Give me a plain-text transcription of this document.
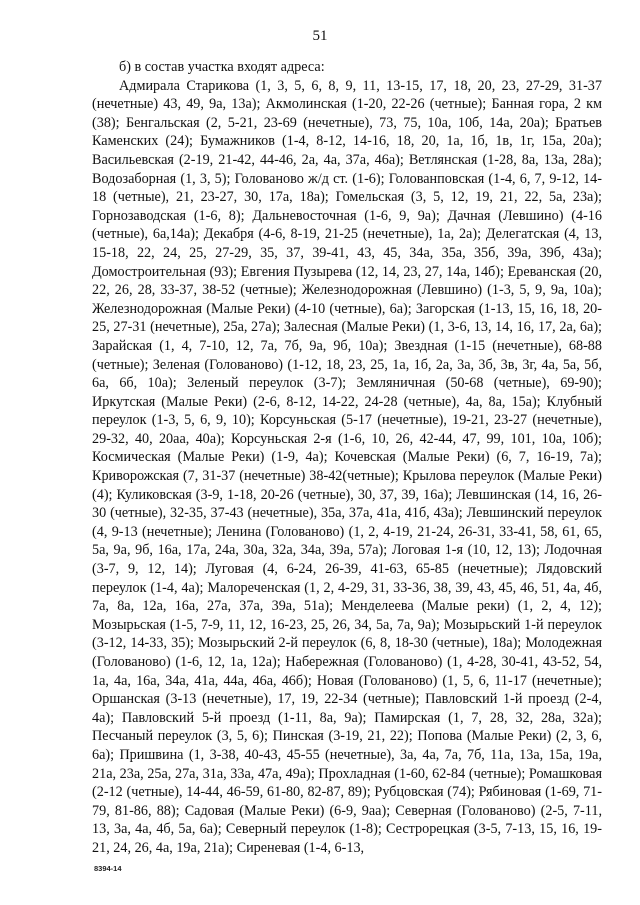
51

б) в состав участка входят адреса:

Адмирала Старикова (1, 3, 5, 6, 8, 9, 11, 13-15, 17, 18, 20, 23, 27-29, 31-37 (нечетные) 43, 49, 9а, 13а); Акмолинская (1-20, 22-26 (четные); Банная гора, 2 км (38); Бенгальская (2, 5-21, 23-69 (нечетные), 73, 75, 10а, 10б, 14а, 20а); Братьев Каменских (24); Бумажников (1-4, 8-12, 14-16, 18, 20, 1а, 1б, 1в, 1г, 15а, 20а); Васильевская (2-19, 21-42, 44-46, 2а, 4а, 37а, 46а); Ветлянская (1-28, 8а, 13а, 28а); Водозаборная (1, 3, 5); Голованово ж/д ст. (1-6); Голованповская (1-4, 6, 7, 9-12, 14-18 (четные), 21, 23-27, 30, 17а, 18а); Гомельская (3, 5, 12, 19, 21, 22, 5а, 23а); Горнозаводская (1-6, 8); Дальневосточная (1-6, 9, 9а); Дачная (Левшино) (4-16 (четные), 6а,14а); Декабря (4-6, 8-19, 21-25 (нечетные), 1а, 2а); Делегатская (4, 13, 15-18, 22, 24, 25, 27-29, 35, 37, 39-41, 43, 45, 34а, 35а, 35б, 39а, 39б, 43а); Домостроительная (93); Евгения Пузырева (12, 14, 23, 27, 14а, 14б); Ереванская (20, 22, 26, 28, 33-37, 38-52 (четные); Железнодорожная (Левшино) (1-3, 5, 9, 9а, 10а); Железнодорожная (Малые Реки) (4-10 (четные), 6а); Загорская (1-13, 15, 16, 18, 20-25, 27-31 (нечетные), 25а, 27а); Залесная (Малые Реки) (1, 3-6, 13, 14, 16, 17, 2а, 6а); Зарайская (1, 4, 7-10, 12, 7а, 7б, 9а, 9б, 10а); Звездная (1-15 (нечетные), 68-88 (четные); Зеленая (Голованово) (1-12, 18, 23, 25, 1а, 1б, 2а, 3а, 3б, 3в, 3г, 4а, 5а, 5б, 6а, 6б, 10а); Зеленый переулок (3-7); Земляничная (50-68 (четные), 69-90); Иркутская (Малые Реки) (2-6, 8-12, 14-22, 24-28 (четные), 4а, 8а, 15а); Клубный переулок (1-3, 5, 6, 9, 10); Корсуньская (5-17 (нечетные), 19-21, 23-27 (нечетные), 29-32, 40, 20аа, 40а); Корсуньская 2-я (1-6, 10, 26, 42-44, 47, 99, 101, 10а, 10б); Космическая (Малые Реки) (1-9, 4а); Кочевская (Малые Реки) (6, 7, 16-19, 7а); Криворожская (7, 31-37 (нечетные) 38-42(четные); Крылова переулок (Малые Реки) (4); Куликовская (3-9, 1-18, 20-26 (четные), 30, 37, 39, 16а); Левшинская (14, 16, 26-30 (четные), 32-35, 37-43 (нечетные), 35а, 37а, 41а, 41б, 43а); Левшинский переулок (4, 9-13 (нечетные); Ленина (Голованово) (1, 2, 4-19, 21-24, 26-31, 33-41, 58, 61, 65, 5а, 9а, 9б, 16а, 17а, 24а, 30а, 32а, 34а, 39а, 57а); Логовая 1-я (10, 12, 13); Лодочная (3-7, 9, 12, 14); Луговая (4, 6-24, 26-39, 41-63, 65-85 (нечетные); Лядовский переулок (1-4, 4а); Малореченская (1, 2, 4-29, 31, 33-36, 38, 39, 43, 45, 46, 51, 4а, 4б, 7а, 8а, 12а, 16а, 27а, 37а, 39а, 51а); Менделеева (Малые реки) (1, 2, 4, 12); Мозырьская (1-5, 7-9, 11, 12, 16-23, 25, 26, 34, 5а, 7а, 9а); Мозырьский 1-й переулок (3-12, 14-33, 35); Мозырьский 2-й переулок (6, 8, 18-30 (четные), 18а); Молодежная (Голованово) (1-6, 12, 1а, 12а); Набережная (Голованово) (1, 4-28, 30-41, 43-52, 54, 1а, 4а, 16а, 34а, 41а, 44а, 46а, 46б); Новая (Голованово) (1, 5, 6, 11-17 (нечетные); Оршанская (3-13 (нечетные), 17, 19, 22-34 (четные); Павловский 1-й проезд (2-4, 4а); Павловский 5-й проезд (1-11, 8а, 9а); Памирская (1, 7, 28, 32, 28а, 32а); Песчаный переулок (3, 5, 6); Пинская (3-19, 21, 22); Попова (Малые Реки) (2, 3, 6, 6а); Пришвина (1, 3-38, 40-43, 45-55 (нечетные), 3а, 4а, 7а, 7б, 11а, 13а, 15а, 19а, 21а, 23а, 25а, 27а, 31а, 33а, 47а, 49а); Прохладная (1-60, 62-84 (четные); Ромашковая (2-12 (четные), 14-44, 46-59, 61-80, 82-87, 89); Рубцовская (74); Рябиновая (1-69, 71-79, 81-86, 88); Садовая (Малые Реки) (6-9, 9аа); Северная (Голованово) (2-5, 7-11, 13, 3а, 4а, 4б, 5а, 6а); Северный переулок (1-8); Сестрорецкая (3-5, 7-13, 15, 16, 19-21, 24, 26, 4а, 19а, 21а); Сиреневая (1-4, 6-13,

8394-14
